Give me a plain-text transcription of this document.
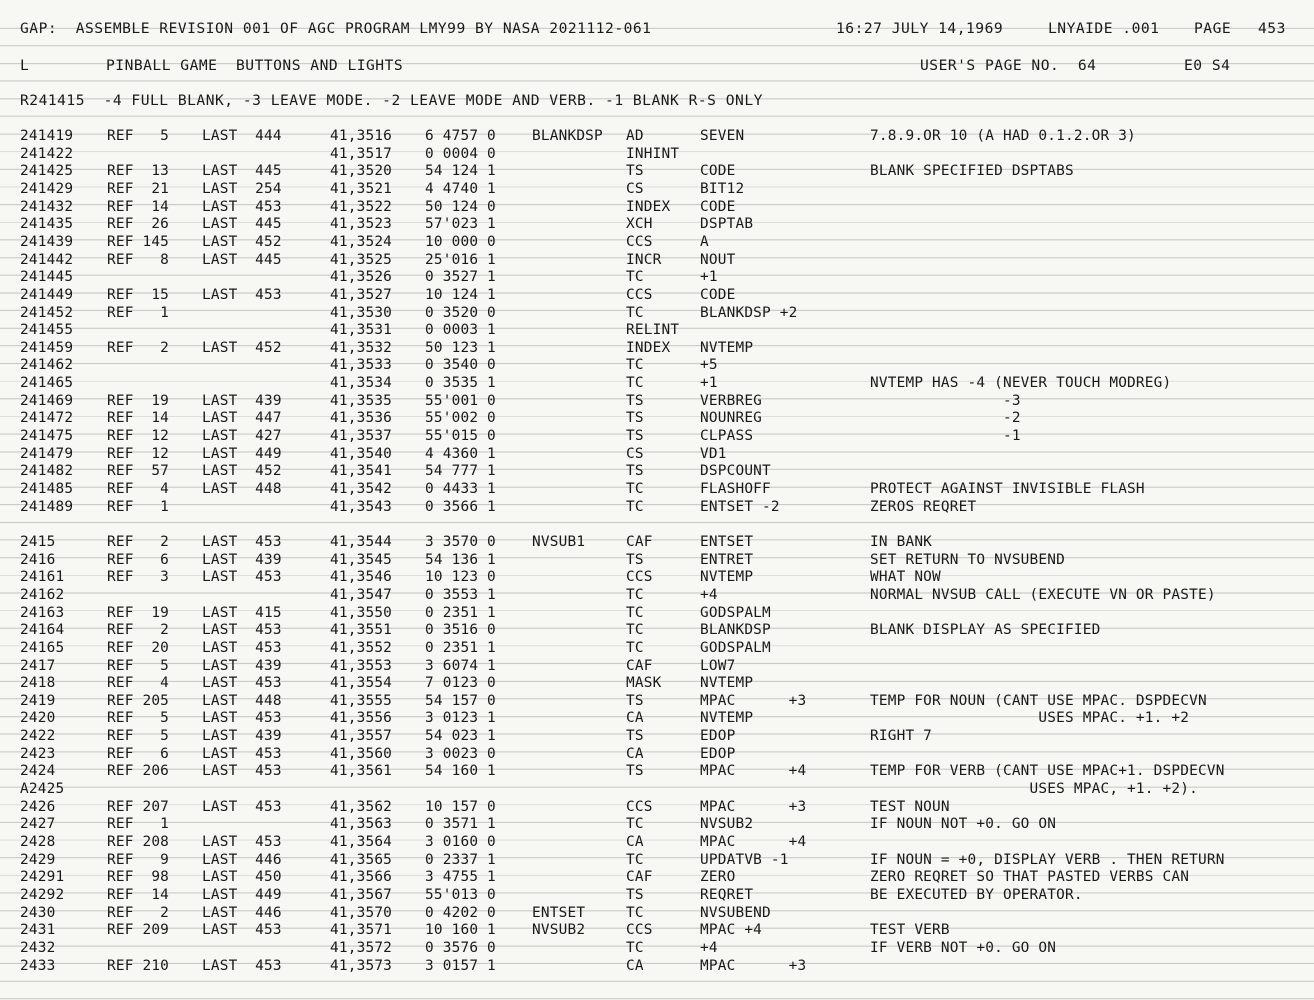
GAP:  ASSEMBLE REVISION 001 OF AGC PROGRAM LMY99 BY NASA 2021112-061

	16:27 JULY 14,1969

	LNYAIDE .001

PAGE

453

L

	PINBALL GAME  BUTTONS AND LIGHTS

	USER'S PAGE NO.  64

	E0 S4

R241415  -4 FULL BLANK, -3 LEAVE MODE. -2 LEAVE MODE AND VERB. -1 BLANK R-S ONLY

241419 REF   5 LAST  444	41,3516 6 4757 0	BLANKDSP AD	SEVEN	7.8.9.OR 10 (A HAD 0.1.2.OR 3)
241422	41,3517 0 0004 0	INHINT
241425 REF  13 LAST  445	41,3520 54 124 1	TS	CODE	BLANK SPECIFIED DSPTABS
241429 REF  21 LAST  254	41,3521 4 4740 1	CS	BIT12
241432 REF  14 LAST  453	41,3522 50 124 0	INDEX CODE
241435 REF  26 LAST  445	41,3523 57'023 1	XCH	DSPTAB
241439 REF 145 LAST  452	41,3524 10 000 0	CCS	A
241442 REF   8 LAST  445	41,3525 25'016 1	INCR	NOUT
241445	41,3526 0 3527 1	TC	+1
241449 REF  15 LAST  453	41,3527 10 124 1	CCS	CODE
241452 REF   1	41,3530 0 3520 0	TC	BLANKDSP +2
241455	41,3531 0 0003 1	RELINT
241459 REF   2 LAST  452	41,3532 50 123 1	INDEX NVTEMP
241462	41,3533 0 3540 0	TC	+5
241465	41,3534 0 3535 1	TC	+1	NVTEMP HAS -4 (NEVER TOUCH MODREG)
241469 REF  19 LAST  439	41,3535 55'001 0	TS	VERBREG	-3
241472 REF  14 LAST  447	41,3536 55'002 0	TS	NOUNREG	-2
241475 REF  12 LAST  427	41,3537 55'015 0	TS	CLPASS	-1
241479 REF  12 LAST  449	41,3540 4 4360 1	CS	VD1
241482 REF  57 LAST  452	41,3541 54 777 1	TS	DSPCOUNT
241485 REF   4 LAST  448	41,3542 0 4433 1	TC	FLASHOFF	PROTECT AGAINST INVISIBLE FLASH
241489 REF   1	41,3543 0 3566 1	TC	ENTSET -2	ZEROS REQRET
2415	REF   2 LAST  453	41,3544 3 3570 0	NVSUB1	CAF	ENTSET	IN BANK
2416	REF   6 LAST  439	41,3545 54 136 1	TS	ENTRET	SET RETURN TO NVSUBEND
24161	REF   3 LAST  453	41,3546 10 123 0	CCS	NVTEMP	WHAT NOW
24162	41,3547 0 3553 1	TC	+4	NORMAL NVSUB CALL (EXECUTE VN OR PASTE)
24163	REF  19 LAST  415	41,3550 0 2351 1	TC	GODSPALM
24164	REF   2 LAST  453	41,3551 0 3516 0	TC	BLANKDSP	BLANK DISPLAY AS SPECIFIED
24165	REF  20 LAST  453	41,3552 0 2351 1	TC	GODSPALM
2417	REF   5 LAST  439	41,3553 3 6074 1	CAF	LOW7
2418	REF   4 LAST  453	41,3554 7 0123 0	MASK	NVTEMP
2419	REF 205 LAST  448	41,3555 54 157 0	TS	MPAC      +3	TEMP FOR NOUN (CANT USE MPAC. DSPDECVN
2420	REF   5 LAST  453	41,3556 3 0123 1	CA	NVTEMP	USES MPAC. +1. +2
2422	REF   5 LAST  439	41,3557 54 023 1	TS	EDOP	RIGHT 7
2423	REF   6 LAST  453	41,3560 3 0023 0	CA	EDOP
2424	REF 206 LAST  453	41,3561 54 160 1	TS	MPAC      +4	TEMP FOR VERB (CANT USE MPAC+1. DSPDECVN
A2425	USES MPAC, +1. +2).
2426	REF 207 LAST  453	41,3562 10 157 0	CCS	MPAC      +3	TEST NOUN
2427	REF   1	41,3563 0 3571 1	TC	NVSUB2	IF NOUN NOT +0. GO ON
2428	REF 208 LAST  453	41,3564 3 0160 0	CA	MPAC      +4
2429	REF   9 LAST  446	41,3565 0 2337 1	TC	UPDATVB -1	IF NOUN = +0, DISPLAY VERB . THEN RETURN
24291	REF  98 LAST  450	41,3566 3 4755 1	CAF	ZERO	ZERO REQRET SO THAT PASTED VERBS CAN
24292	REF  14 LAST  449	41,3567 55'013 0	TS	REQRET	BE EXECUTED BY OPERATOR.
2430	REF   2 LAST  446	41,3570 0 4202 0	ENTSET	TC	NVSUBEND
2431	REF 209 LAST  453	41,3571 10 160 1	NVSUB2	CCS	MPAC +4	TEST VERB
2432	41,3572 0 3576 0	TC	+4	IF VERB NOT +0. GO ON
2433	REF 210 LAST  453	41,3573 3 0157 1	CA	MPAC      +3
